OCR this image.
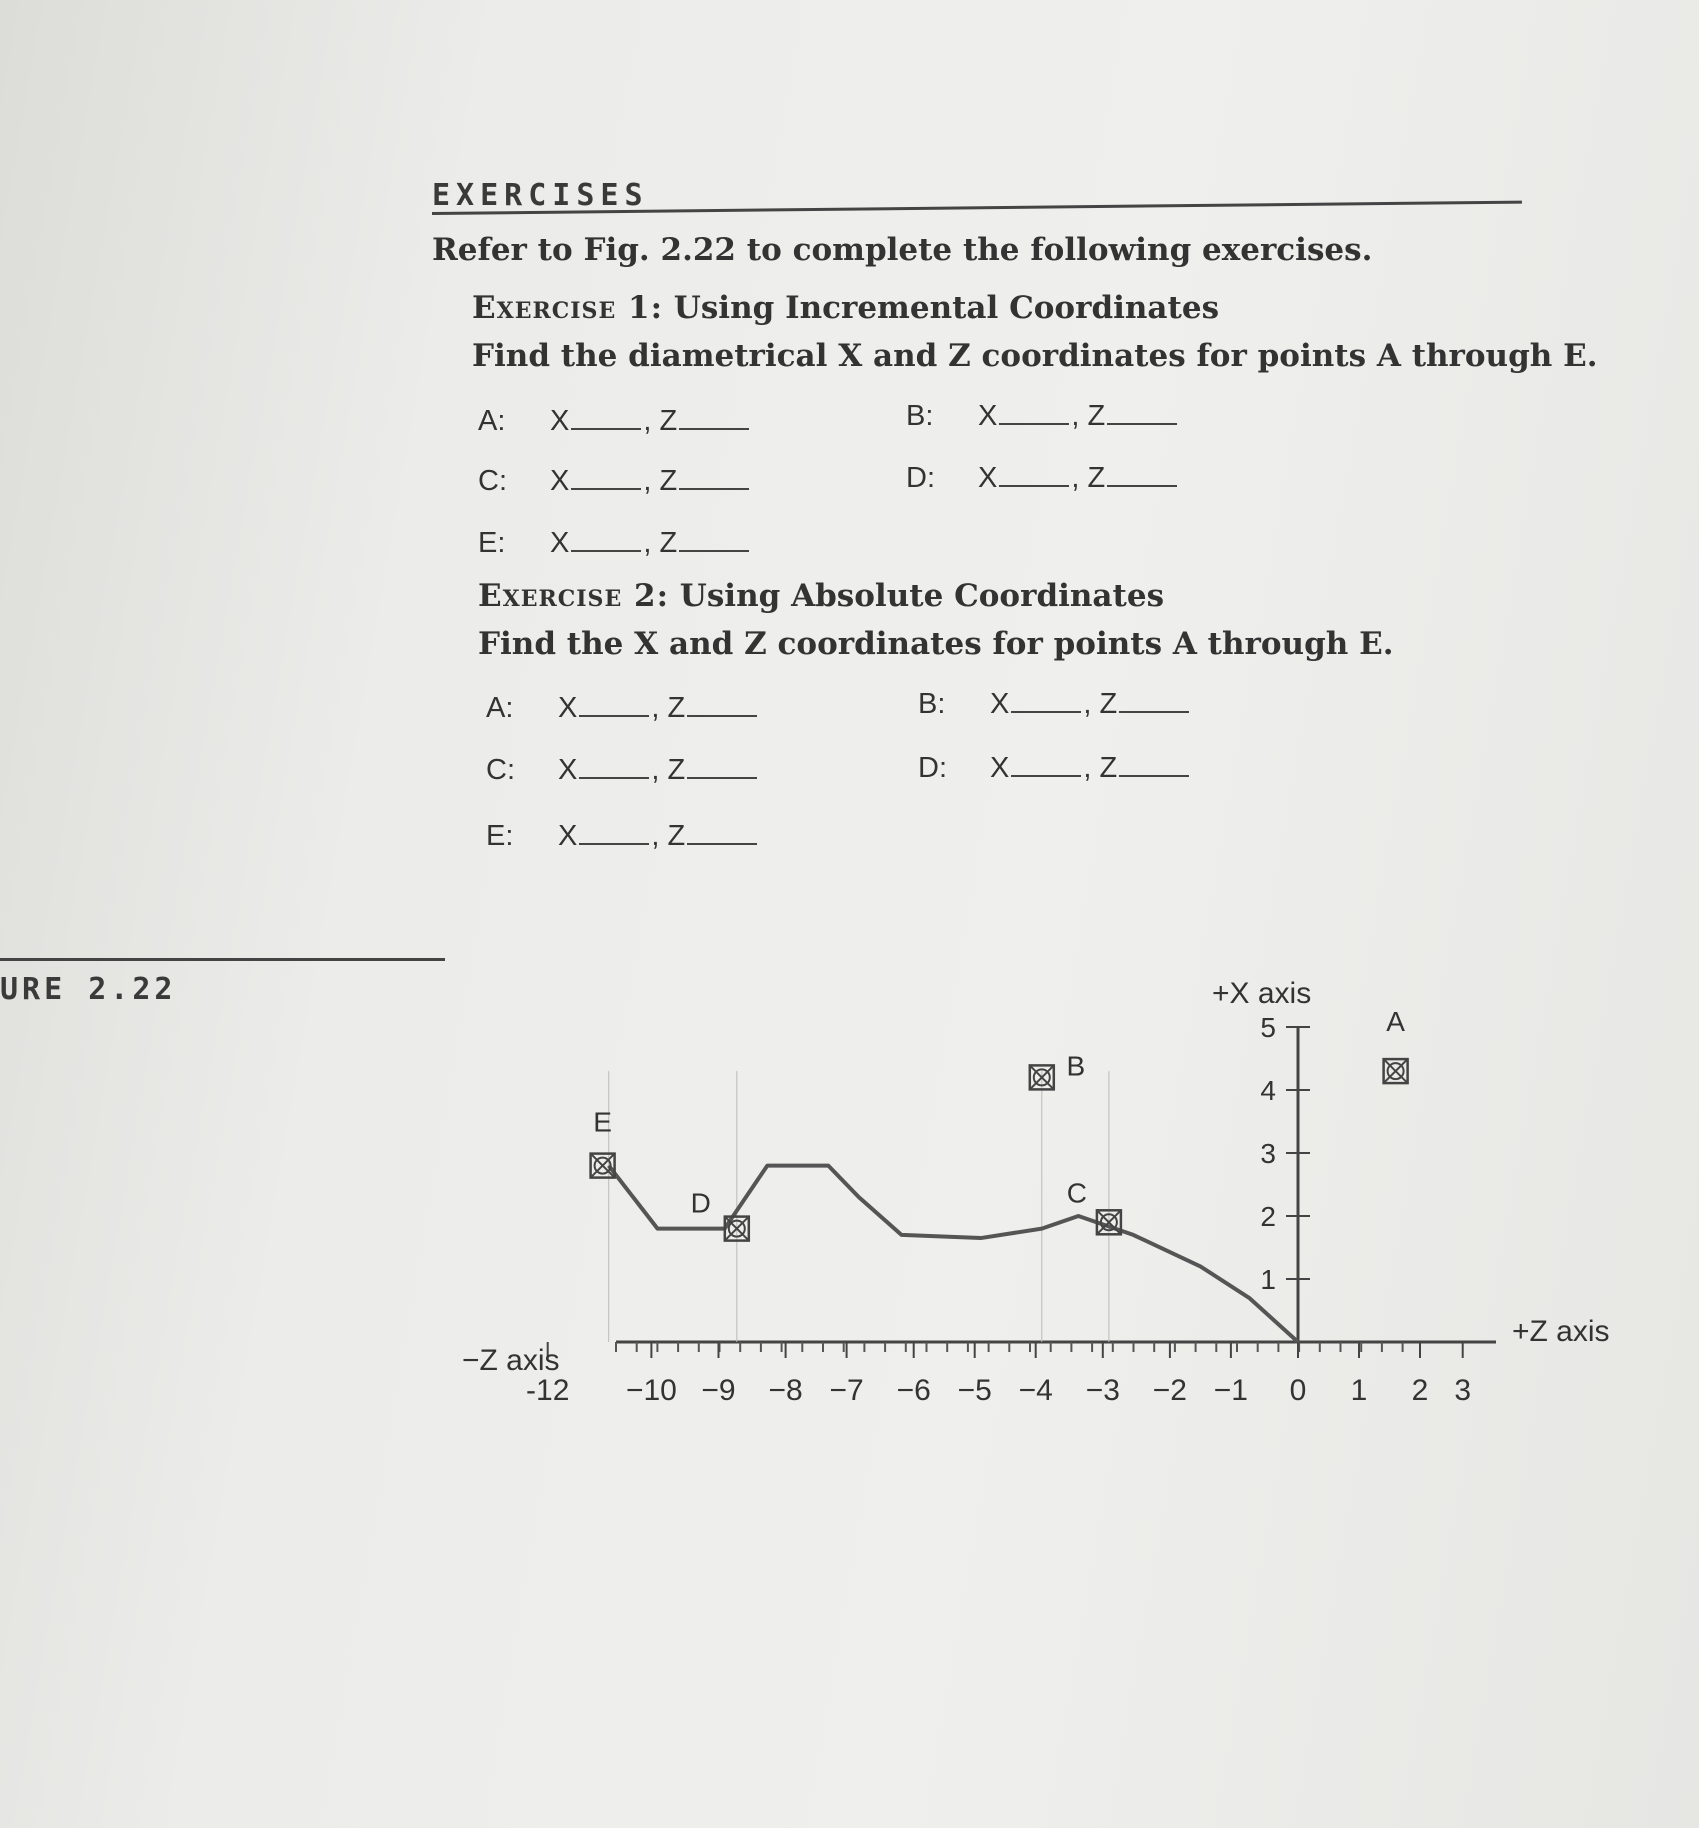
EXERCISES
Refer to Fig. 2.22 to complete the following exercises.
Exercise 1: Using Incremental Coordinates
Find the diametrical X and Z coordinates for points A through E.
A: X	, Z	B: X	, Z
C: X	, Z	D: X	, Z
E: X	, Z
Exercise 2: Using Absolute Coordinates
Find the X and Z coordinates for points A through E.
A: X	, Z	B: X	, Z
C: X	, Z	D: X	, Z
E: X	, Z
URE 2.22
-12 −10 −9 −8 −7 −6 −5 −4 −3 −2 −1 0 1 2 3
1
2
3
4
5	A
B
C
D
E
+X axis
−Z axis
+Z axis
